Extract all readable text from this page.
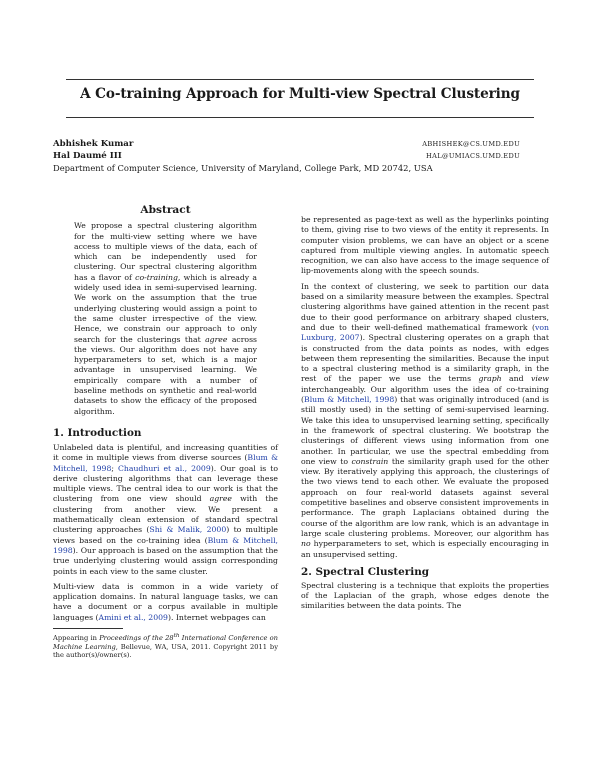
A Co-training Approach for Multi-view Spectral Clustering
Abhishek Kumar	ABHISHEK@CS.UMD.EDU
Hal Daumé III	HAL@UMIACS.UMD.EDU
Department of Computer Science, University of Maryland, College Park, MD 20742, USA
Abstract

We propose a spectral clustering algorithm for the multi-view setting where we have access to multiple views of the data, each of which can be independently used for clustering. Our spectral clustering algorithm has a flavor of co-training, which is already a widely used idea in semi-supervised learning. We work on the assumption that the true underlying clustering would assign a point to the same cluster irrespective of the view. Hence, we constrain our approach to only search for the clusterings that agree across the views. Our algorithm does not have any hyperparameters to set, which is a major advantage in unsupervised learning. We empirically compare with a number of baseline methods on synthetic and real-world datasets to show the efficacy of the proposed algorithm.

1. Introduction

Unlabeled data is plentiful, and increasing quantities of it come in multiple views from diverse sources (Blum & Mitchell, 1998; Chaudhuri et al., 2009). Our goal is to derive clustering algorithms that can leverage these multiple views. The central idea to our work is that the clustering from one view should agree with the clustering from another view. We present a mathematically clean extension of standard spectral clustering approaches (Shi & Malik, 2000) to multiple views based on the co-training idea (Blum & Mitchell, 1998). Our approach is based on the assumption that the true underlying clustering would assign corresponding points in each view to the same cluster.

Multi-view data is common in a wide variety of application domains. In natural language tasks, we can have a document or a corpus available in multiple languages (Amini et al., 2009). Internet webpages can

Appearing in Proceedings of the 28th International Conference on Machine Learning, Bellevue, WA, USA, 2011. Copyright 2011 by the author(s)/owner(s).

be represented as page-text as well as the hyperlinks pointing to them, giving rise to two views of the entity it represents. In computer vision problems, we can have an object or a scene captured from multiple viewing angles. In automatic speech recognition, we can also have access to the image sequence of lip-movements along with the speech sounds.

In the context of clustering, we seek to partition our data based on a similarity measure between the examples. Spectral clustering algorithms have gained attention in the recent past due to their good performance on arbitrary shaped clusters, and due to their well-defined mathematical framework (von Luxburg, 2007). Spectral clustering operates on a graph that is constructed from the data points as nodes, with edges between them representing the similarities. Because the input to a spectral clustering method is a similarity graph, in the rest of the paper we use the terms graph and view interchangeably. Our algorithm uses the idea of co-training (Blum & Mitchell, 1998) that was originally introduced (and is still mostly used) in the setting of semi-supervised learning. We take this idea to unsupervised learning setting, specifically in the framework of spectral clustering. We bootstrap the clusterings of different views using information from one another. In particular, we use the spectral embedding from one view to constrain the similarity graph used for the other view. By iteratively applying this approach, the clusterings of the two views tend to each other. We evaluate the proposed approach on four real-world datasets against several competitive baselines and observe consistent improvements in performance. The graph Laplacians obtained during the course of the algorithm are low rank, which is an advantage in large scale clustering problems. Moreover, our algorithm has no hyperparameters to set, which is especially encouraging in an unsupervised setting.

2. Spectral Clustering

Spectral clustering is a technique that exploits the properties of the Laplacian of the graph, whose edges denote the similarities between the data points. The
